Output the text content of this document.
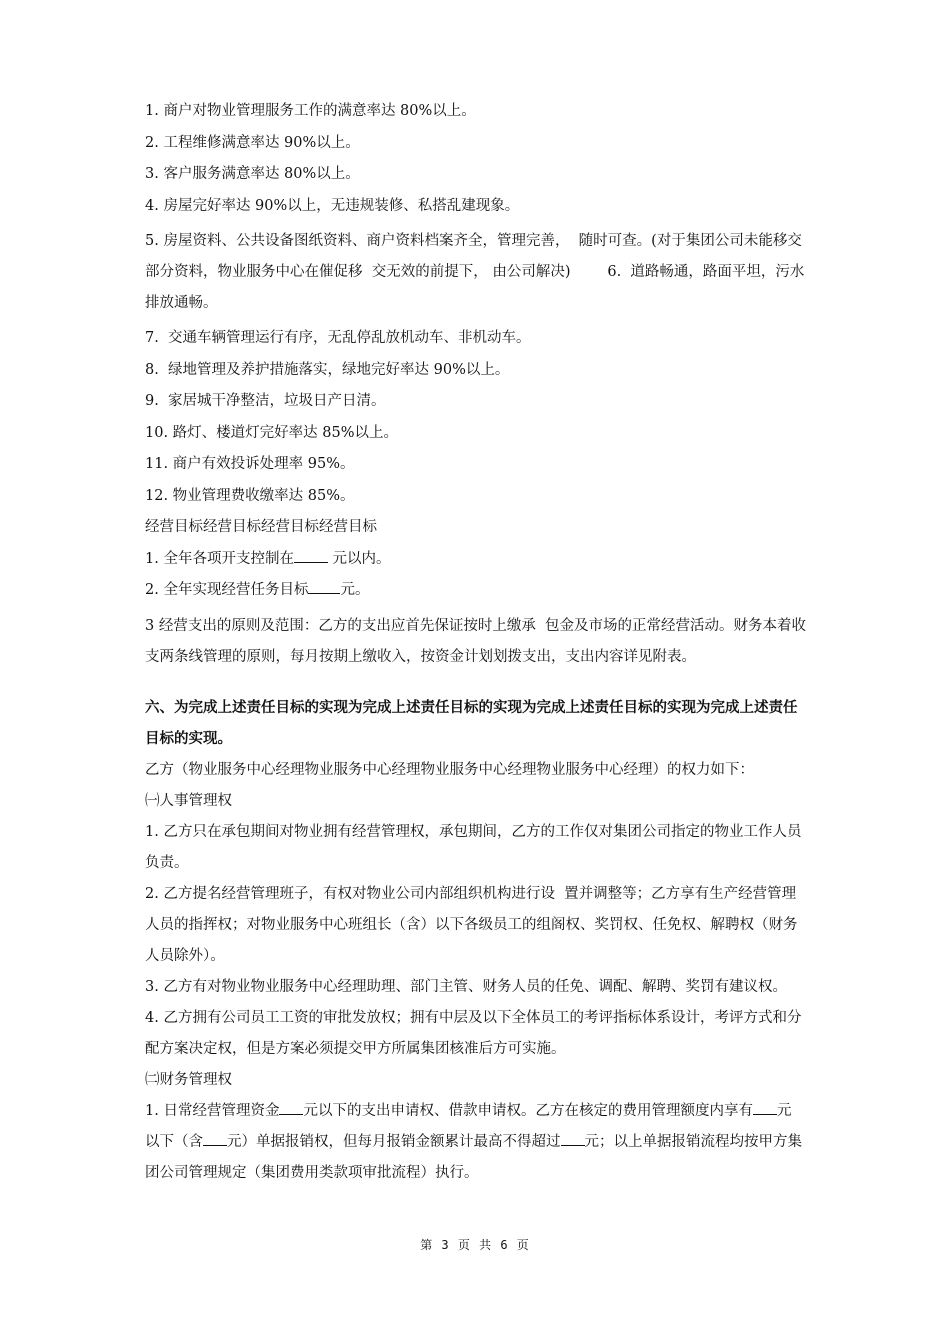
1. 商户对物业管理服务工作的满意率达 80%以上。

2. 工程维修满意率达 90%以上。

3. 客户服务满意率达 80%以上。

4. 房屋完好率达 90%以上，无违规装修、私搭乱建现象。

5. 房屋资料、公共设备图纸资料、商户资料档案齐全，管理完善，  随时可查。(对于集团公司未能移交部分资料，物业服务中心在催促移  交无效的前提下， 由公司解决)        6.  道路畅通，路面平坦，污水排放通畅。

7.  交通车辆管理运行有序，无乱停乱放机动车、非机动车。

8.  绿地管理及养护措施落实，绿地完好率达 90%以上。

9.  家居城干净整洁，垃圾日产日清。

10. 路灯、楼道灯完好率达 85%以上。

11. 商户有效投诉处理率 95%。

12. 物业管理费收缴率达 85%。

经营目标经营目标经营目标经营目标

1. 全年各项开支控制在 元以内。

2. 全年实现经营任务目标 元。

3 经营支出的原则及范围：乙方的支出应首先保证按时上缴承  包金及市场的正常经营活动。财务本着收支两条线管理的原则，每月按期上缴收入，按资金计划划拨支出，支出内容详见附表。

六、为完成上述责任目标的实现为完成上述责任目标的实现为完成上述责任目标的实现为完成上述责任目标的实现。

乙方（物业服务中心经理物业服务中心经理物业服务中心经理物业服务中心经理）的权力如下：

㈠人事管理权

1. 乙方只在承包期间对物业拥有经营管理权，承包期间，乙方的工作仅对集团公司指定的物业工作人员负责。

2. 乙方提名经营管理班子，有权对物业公司内部组织机构进行设  置并调整等；乙方享有生产经营管理人员的指挥权；对物业服务中心班组长（含）以下各级员工的组阁权、奖罚权、任免权、解聘权（财务人员除外）。

3. 乙方有对物业物业服务中心经理助理、部门主管、财务人员的任免、调配、解聘、奖罚有建议权。

4. 乙方拥有公司员工工资的审批发放权；拥有中层及以下全体员工的考评指标体系设计，考评方式和分配方案决定权，但是方案必须提交甲方所属集团核准后方可实施。

㈡财务管理权

1. 日常经营管理资金 元以下的支出申请权、借款申请权。乙方在核定的费用管理额度内享有 元  以下（含 元）单据报销权，但每月报销金额累计最高不得超过 元；以上单据报销流程均按甲方集团公司管理规定（集团费用类款项审批流程）执行。

第 3 页 共 6 页
